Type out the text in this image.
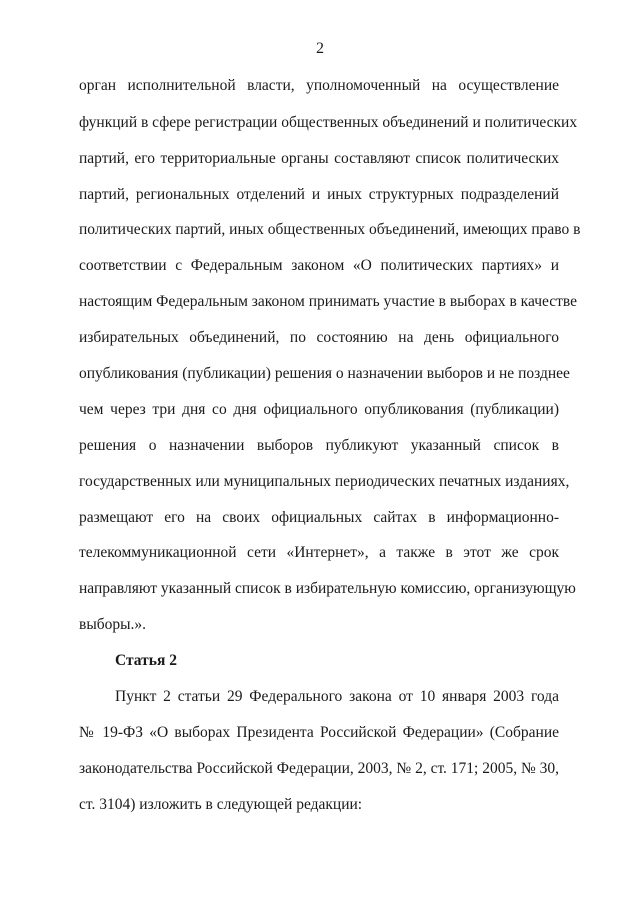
2
орган исполнительной власти, уполномоченный на осуществление
функций в сфере регистрации общественных объединений и политических
партий, его территориальные органы составляют список политических
партий, региональных отделений и иных структурных подразделений
политических партий, иных общественных объединений, имеющих право в
соответствии с Федеральным законом «О политических партиях» и
настоящим Федеральным законом принимать участие в выборах в качестве
избирательных объединений, по состоянию на день официального
опубликования (публикации) решения о назначении выборов и не позднее
чем через три дня со дня официального опубликования (публикации)
решения о назначении выборов публикуют указанный список в
государственных или муниципальных периодических печатных изданиях,
размещают его на своих официальных сайтах в информационно-
телекоммуникационной сети «Интернет», а также в этот же срок
направляют указанный список в избирательную комиссию, организующую
выборы.».
Статья 2
Пункт 2 статьи 29 Федерального закона от 10 января 2003 года
№ 19-ФЗ «О выборах Президента Российской Федерации» (Собрание
законодательства Российской Федерации, 2003, № 2, ст. 171; 2005, № 30,
ст. 3104) изложить в следующей редакции:
